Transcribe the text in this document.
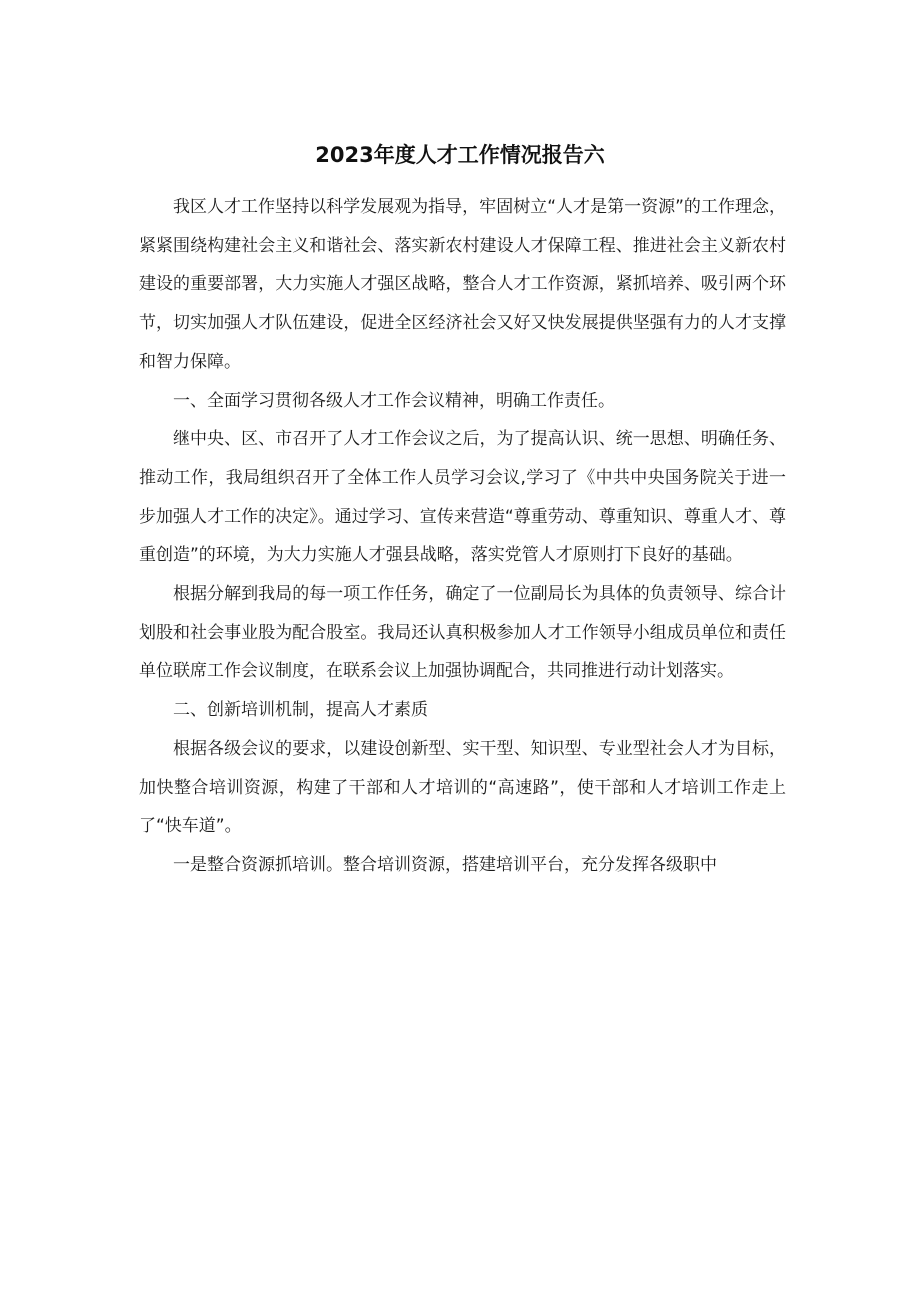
2023年度人才工作情况报告六

我区人才工作坚持以科学发展观为指导，牢固树立“人才是第一资源”的工作理念，紧紧围绕构建社会主义和谐社会、落实新农村建设人才保障工程、推进社会主义新农村建设的重要部署，大力实施人才强区战略，整合人才工作资源，紧抓培养、吸引两个环节，切实加强人才队伍建设，促进全区经济社会又好又快发展提供坚强有力的人才支撑和智力保障。

一、全面学习贯彻各级人才工作会议精神，明确工作责任。

继中央、区、市召开了人才工作会议之后，为了提高认识、统一思想、明确任务、推动工作，我局组织召开了全体工作人员学习会议,学习了《中共中央国务院关于进一步加强人才工作的决定》。通过学习、宣传来营造“尊重劳动、尊重知识、尊重人才、尊重创造”的环境，为大力实施人才强县战略，落实党管人才原则打下良好的基础。

根据分解到我局的每一项工作任务，确定了一位副局长为具体的负责领导、综合计划股和社会事业股为配合股室。我局还认真积极参加人才工作领导小组成员单位和责任单位联席工作会议制度，在联系会议上加强协调配合，共同推进行动计划落实。

二、创新培训机制，提高人才素质

根据各级会议的要求，以建设创新型、实干型、知识型、专业型社会人才为目标，加快整合培训资源，构建了干部和人才培训的“高速路”，使干部和人才培训工作走上了“快车道”。

一是整合资源抓培训。整合培训资源，搭建培训平台，充分发挥各级职中
